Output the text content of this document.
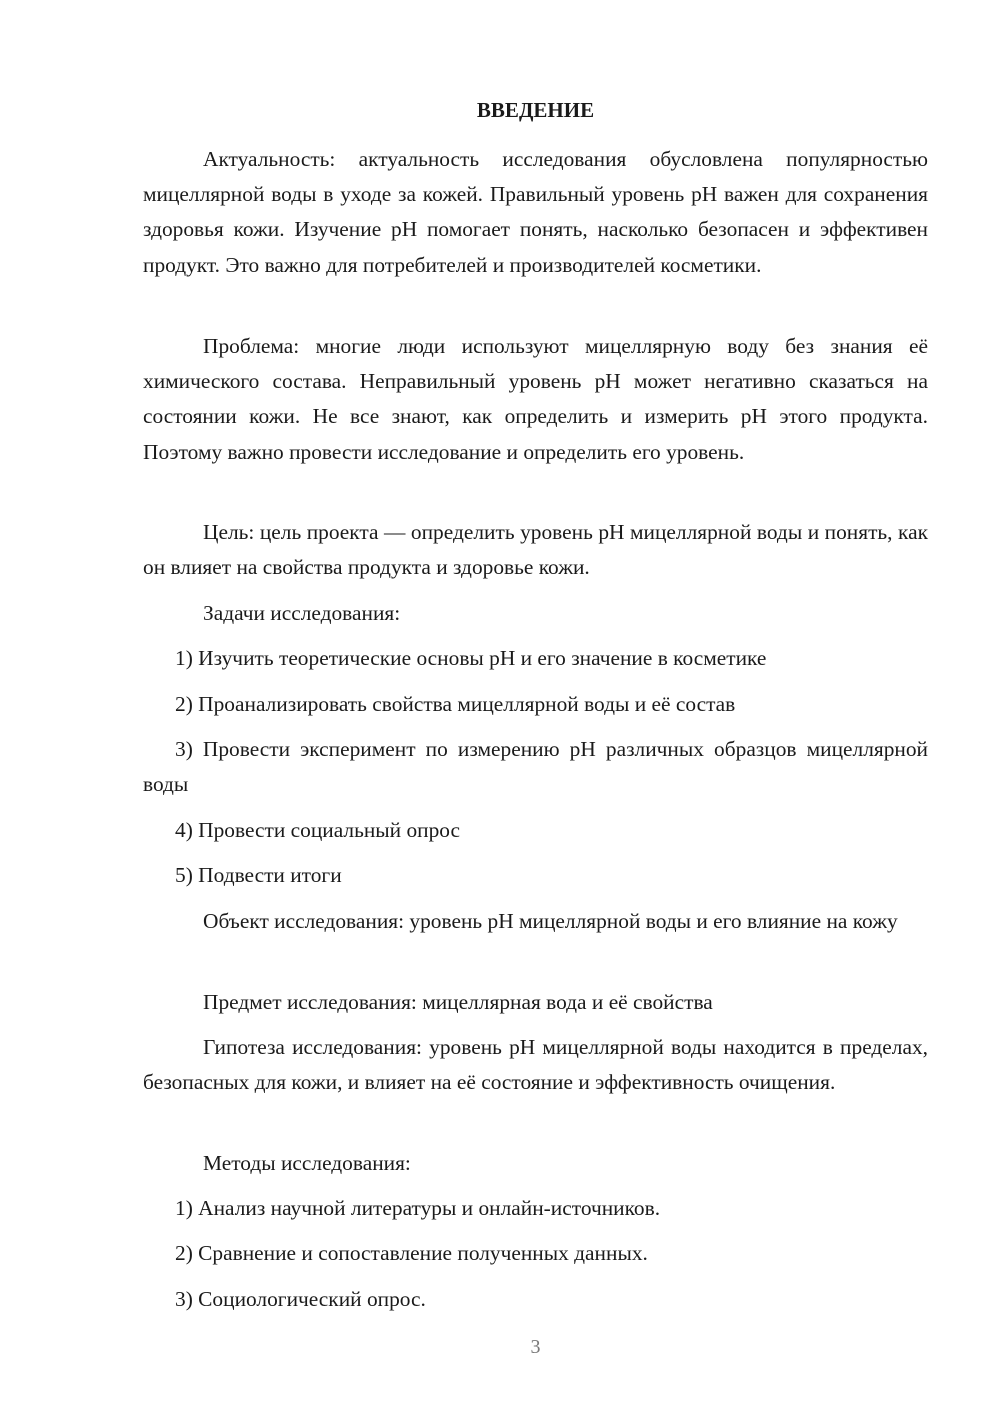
ВВЕДЕНИЕ

Актуальность: актуальность исследования обусловлена популярностью мицеллярной воды в уходе за кожей. Правильный уровень pH важен для сохранения здоровья кожи. Изучение pH помогает понять, насколько безопасен и эффективен продукт. Это важно для потребителей и производителей косметики.

Проблема: многие люди используют мицеллярную воду без знания её химического состава. Неправильный уровень pH может негативно сказаться на состоянии кожи. Не все знают, как определить и измерить pH этого продукта. Поэтому важно провести исследование и определить его уровень.

Цель: цель проекта — определить уровень pH мицеллярной воды и понять, как он влияет на свойства продукта и здоровье кожи.

Задачи исследования:

1) Изучить теоретические основы pH и его значение в косметике

2) Проанализировать свойства мицеллярной воды и её состав

3) Провести эксперимент по измерению pH различных образцов мицеллярной воды

4) Провести социальный опрос

5) Подвести итоги

Объект исследования: уровень pH мицеллярной воды и его влияние на кожу

Предмет исследования: мицеллярная вода и её свойства

Гипотеза исследования: уровень pH мицеллярной воды находится в пределах, безопасных для кожи, и влияет на её состояние и эффективность очищения.

Методы исследования:

1) Анализ научной литературы и онлайн-источников.

2) Сравнение и сопоставление полученных данных.

3) Социологический опрос.

3
